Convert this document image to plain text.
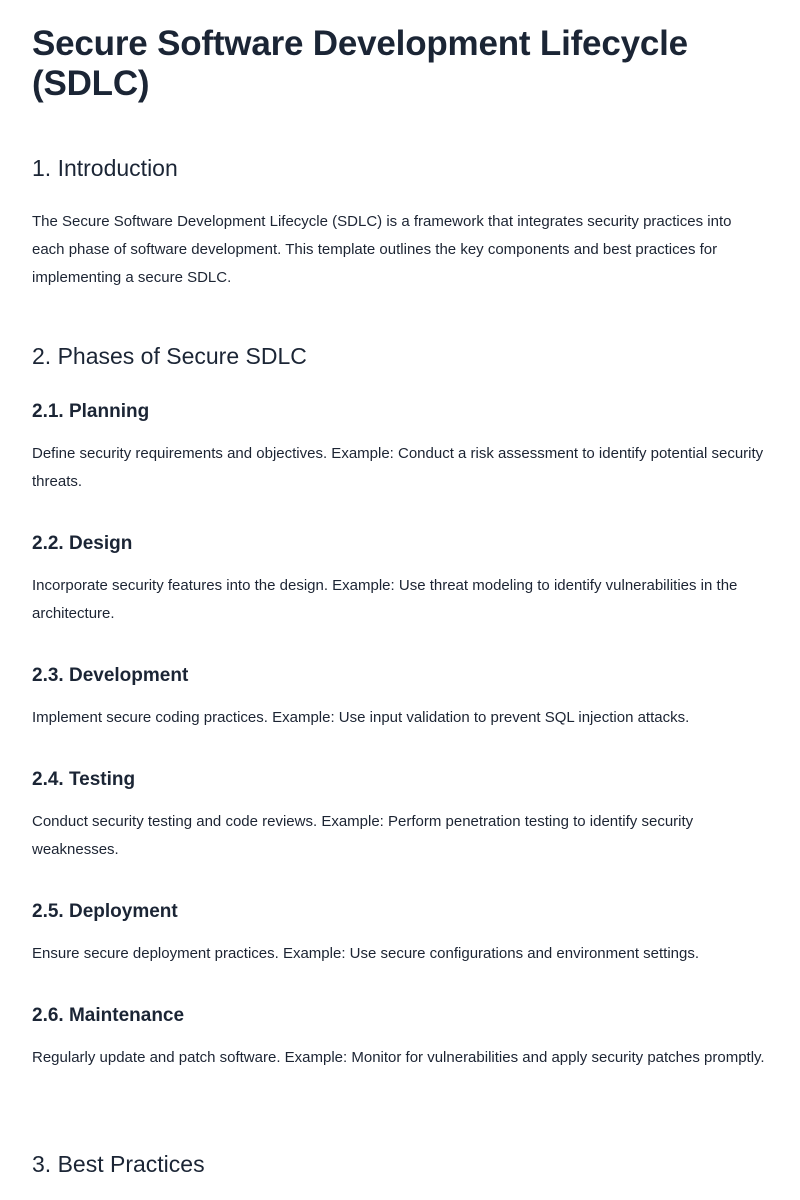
Secure Software Development Lifecycle (SDLC)
1. Introduction

The Secure Software Development Lifecycle (SDLC) is a framework that integrates security practices into each phase of software development. This template outlines the key components and best practices for implementing a secure SDLC.

2. Phases of Secure SDLC
2.1. Planning

Define security requirements and objectives. Example: Conduct a risk assessment to identify potential security threats.

2.2. Design

Incorporate security features into the design. Example: Use threat modeling to identify vulnerabilities in the architecture.

2.3. Development

Implement secure coding practices. Example: Use input validation to prevent SQL injection attacks.

2.4. Testing

Conduct security testing and code reviews. Example: Perform penetration testing to identify security weaknesses.

2.5. Deployment

Ensure secure deployment practices. Example: Use secure configurations and environment settings.

2.6. Maintenance

Regularly update and patch software. Example: Monitor for vulnerabilities and apply security patches promptly.

3. Best Practices
